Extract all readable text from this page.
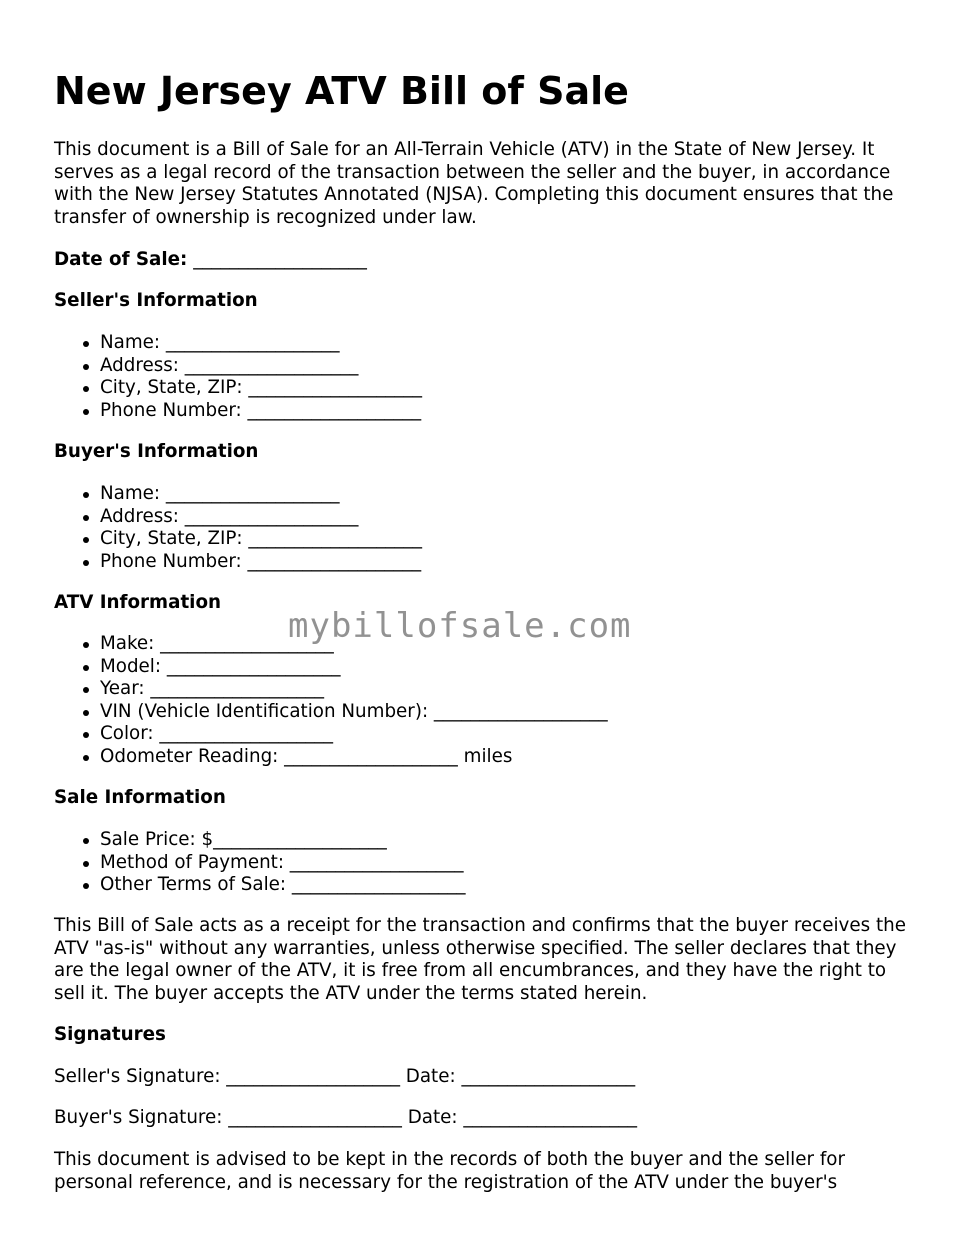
New Jersey ATV Bill of Sale

This document is a Bill of Sale for an All-Terrain Vehicle (ATV) in the State of New Jersey. It serves as a legal record of the transaction between the seller and the buyer, in accordance with the New Jersey Statutes Annotated (NJSA). Completing this document ensures that the transfer of ownership is recognized under law.

Date of Sale: ___________________

Seller's Information

Name: ___________________
Address: ___________________
City, State, ZIP: ___________________
Phone Number: ___________________

Buyer's Information

Name: ___________________
Address: ___________________
City, State, ZIP: ___________________
Phone Number: ___________________

ATV Information

Make: ___________________
Model: ___________________
Year: ___________________
VIN (Vehicle Identification Number): ___________________
Color: ___________________
Odometer Reading: ___________________ miles

Sale Information

Sale Price: $___________________
Method of Payment: ___________________
Other Terms of Sale: ___________________

This Bill of Sale acts as a receipt for the transaction and confirms that the buyer receives the ATV "as-is" without any warranties, unless otherwise specified. The seller declares that they are the legal owner of the ATV, it is free from all encumbrances, and they have the right to sell it. The buyer accepts the ATV under the terms stated herein.

Signatures

Seller's Signature: ___________________ Date: ___________________

Buyer's Signature: ___________________ Date: ___________________

This document is advised to be kept in the records of both the buyer and the seller for personal reference, and is necessary for the registration of the ATV under the buyer's

mybillofsale.com
